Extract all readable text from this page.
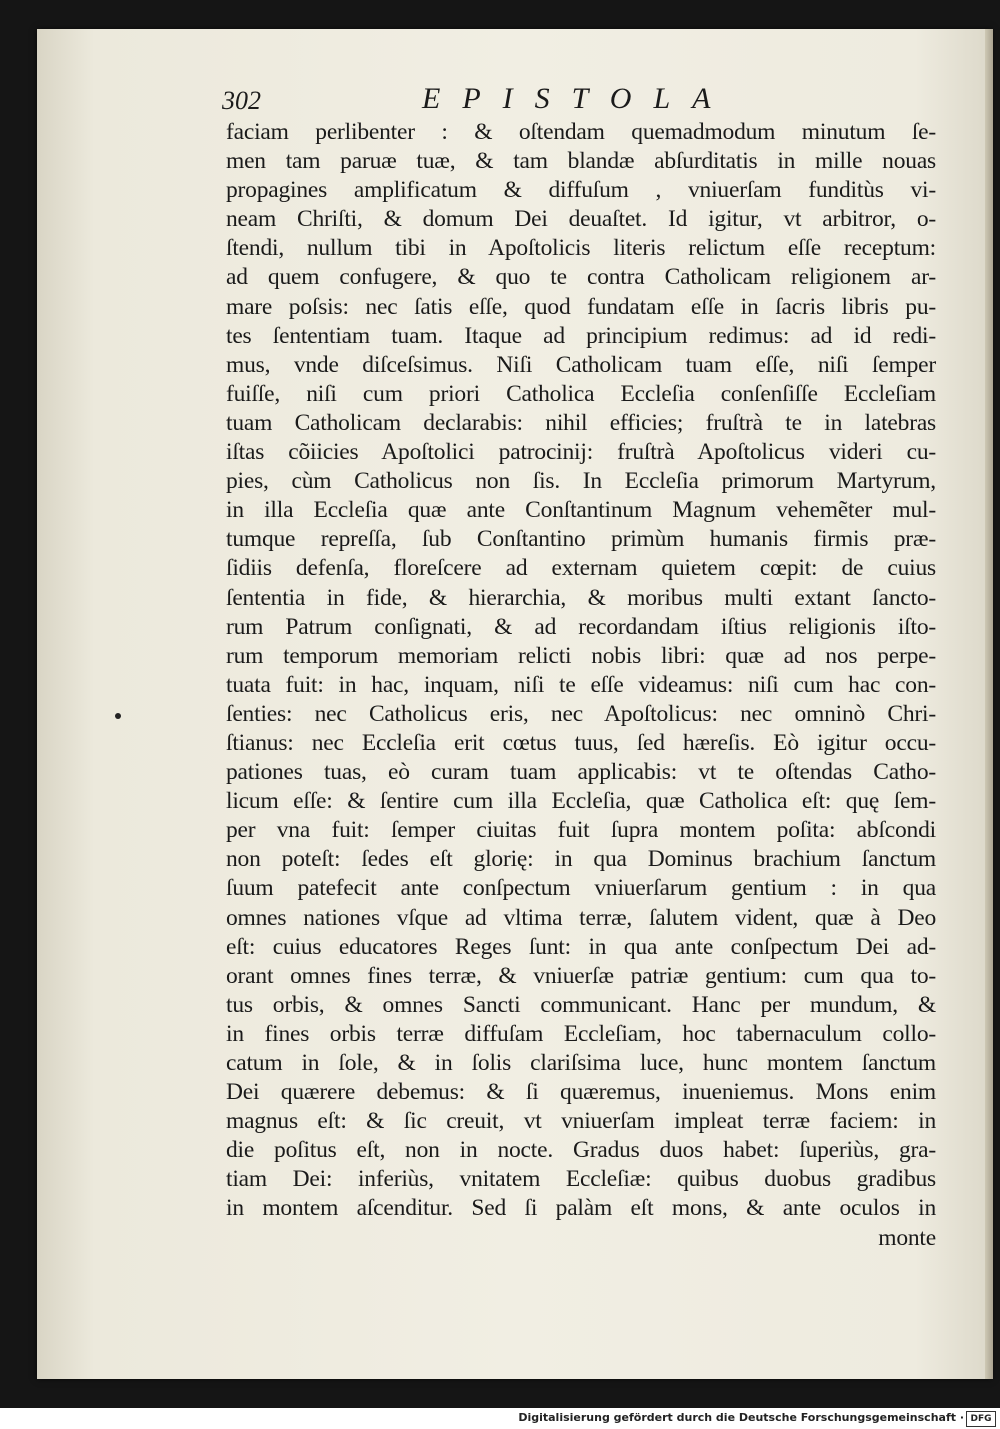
302	EPISTOLA
faciam perlibenter : & oſtendam quemadmodum minutum ſe-
men tam paruæ tuæ, & tam blandæ abſurditatis in mille nouas
propagines amplificatum & diffuſum , vniuerſam funditùs vi-
neam Chriſti, & domum Dei deuaſtet. Id igitur, vt arbitror, o-
ſtendi, nullum tibi in Apoſtolicis literis relictum eſſe receptum:
ad quem confugere, & quo te contra Catholicam religionem ar-
mare poſsis: nec ſatis eſſe, quod fundatam eſſe in ſacris libris pu-
tes ſententiam tuam. Itaque ad principium redimus: ad id redi-
mus, vnde diſceſsimus. Niſi Catholicam tuam eſſe, niſi ſemper
fuiſſe, niſi cum priori Catholica Eccleſia conſenſiſſe Eccleſiam
tuam Catholicam declarabis: nihil efficies; fruſtrà te in latebras
iſtas cõiicies Apoſtolici patrocinij: fruſtrà Apoſtolicus videri cu-
pies, cùm Catholicus non ſis. In Eccleſia primorum Martyrum,
in illa Eccleſia quæ ante Conſtantinum Magnum vehemẽter mul-
tumque repreſſa, ſub Conſtantino primùm humanis firmis præ-
ſidiis defenſa, floreſcere ad externam quietem cœpit: de cuius
ſententia in fide, & hierarchia, & moribus multi extant ſancto-
rum Patrum conſignati, & ad recordandam iſtius religionis iſto-
rum temporum memoriam relicti nobis libri: quæ ad nos perpe-
tuata fuit: in hac, inquam, niſi te eſſe videamus: niſi cum hac con-
ſenties: nec Catholicus eris, nec Apoſtolicus: nec omninò Chri-
ſtianus: nec Eccleſia erit cœtus tuus, ſed hæreſis. Eò igitur occu-
pationes tuas, eò curam tuam applicabis: vt te oſtendas Catho-
licum eſſe: & ſentire cum illa Eccleſia, quæ Catholica eſt: quę ſem-
per vna fuit: ſemper ciuitas fuit ſupra montem poſita: abſcondi
non poteſt: ſedes eſt glorię: in qua Dominus brachium ſanctum
ſuum patefecit ante conſpectum vniuerſarum gentium : in qua
omnes nationes vſque ad vltima terræ, ſalutem vident, quæ à Deo
eſt: cuius educatores Reges ſunt: in qua ante conſpectum Dei ad-
orant omnes fines terræ, & vniuerſæ patriæ gentium: cum qua to-
tus orbis, & omnes Sancti communicant. Hanc per mundum, &
in fines orbis terræ diffuſam Eccleſiam, hoc tabernaculum collo-
catum in ſole, & in ſolis clariſsima luce, hunc montem ſanctum
Dei quærere debemus: & ſi quæremus, inueniemus. Mons enim
magnus eſt: & ſic creuit, vt vniuerſam impleat terræ faciem: in
die poſitus eſt, non in nocte. Gradus duos habet: ſuperiùs, gra-
tiam Dei: inferiùs, vnitatem Eccleſiæ: quibus duobus gradibus
in montem aſcenditur. Sed ſi palàm eſt mons, & ante oculos in
monte
Digitalisierung gefördert durch die Deutsche Forschungsgemeinschaft · DFG
